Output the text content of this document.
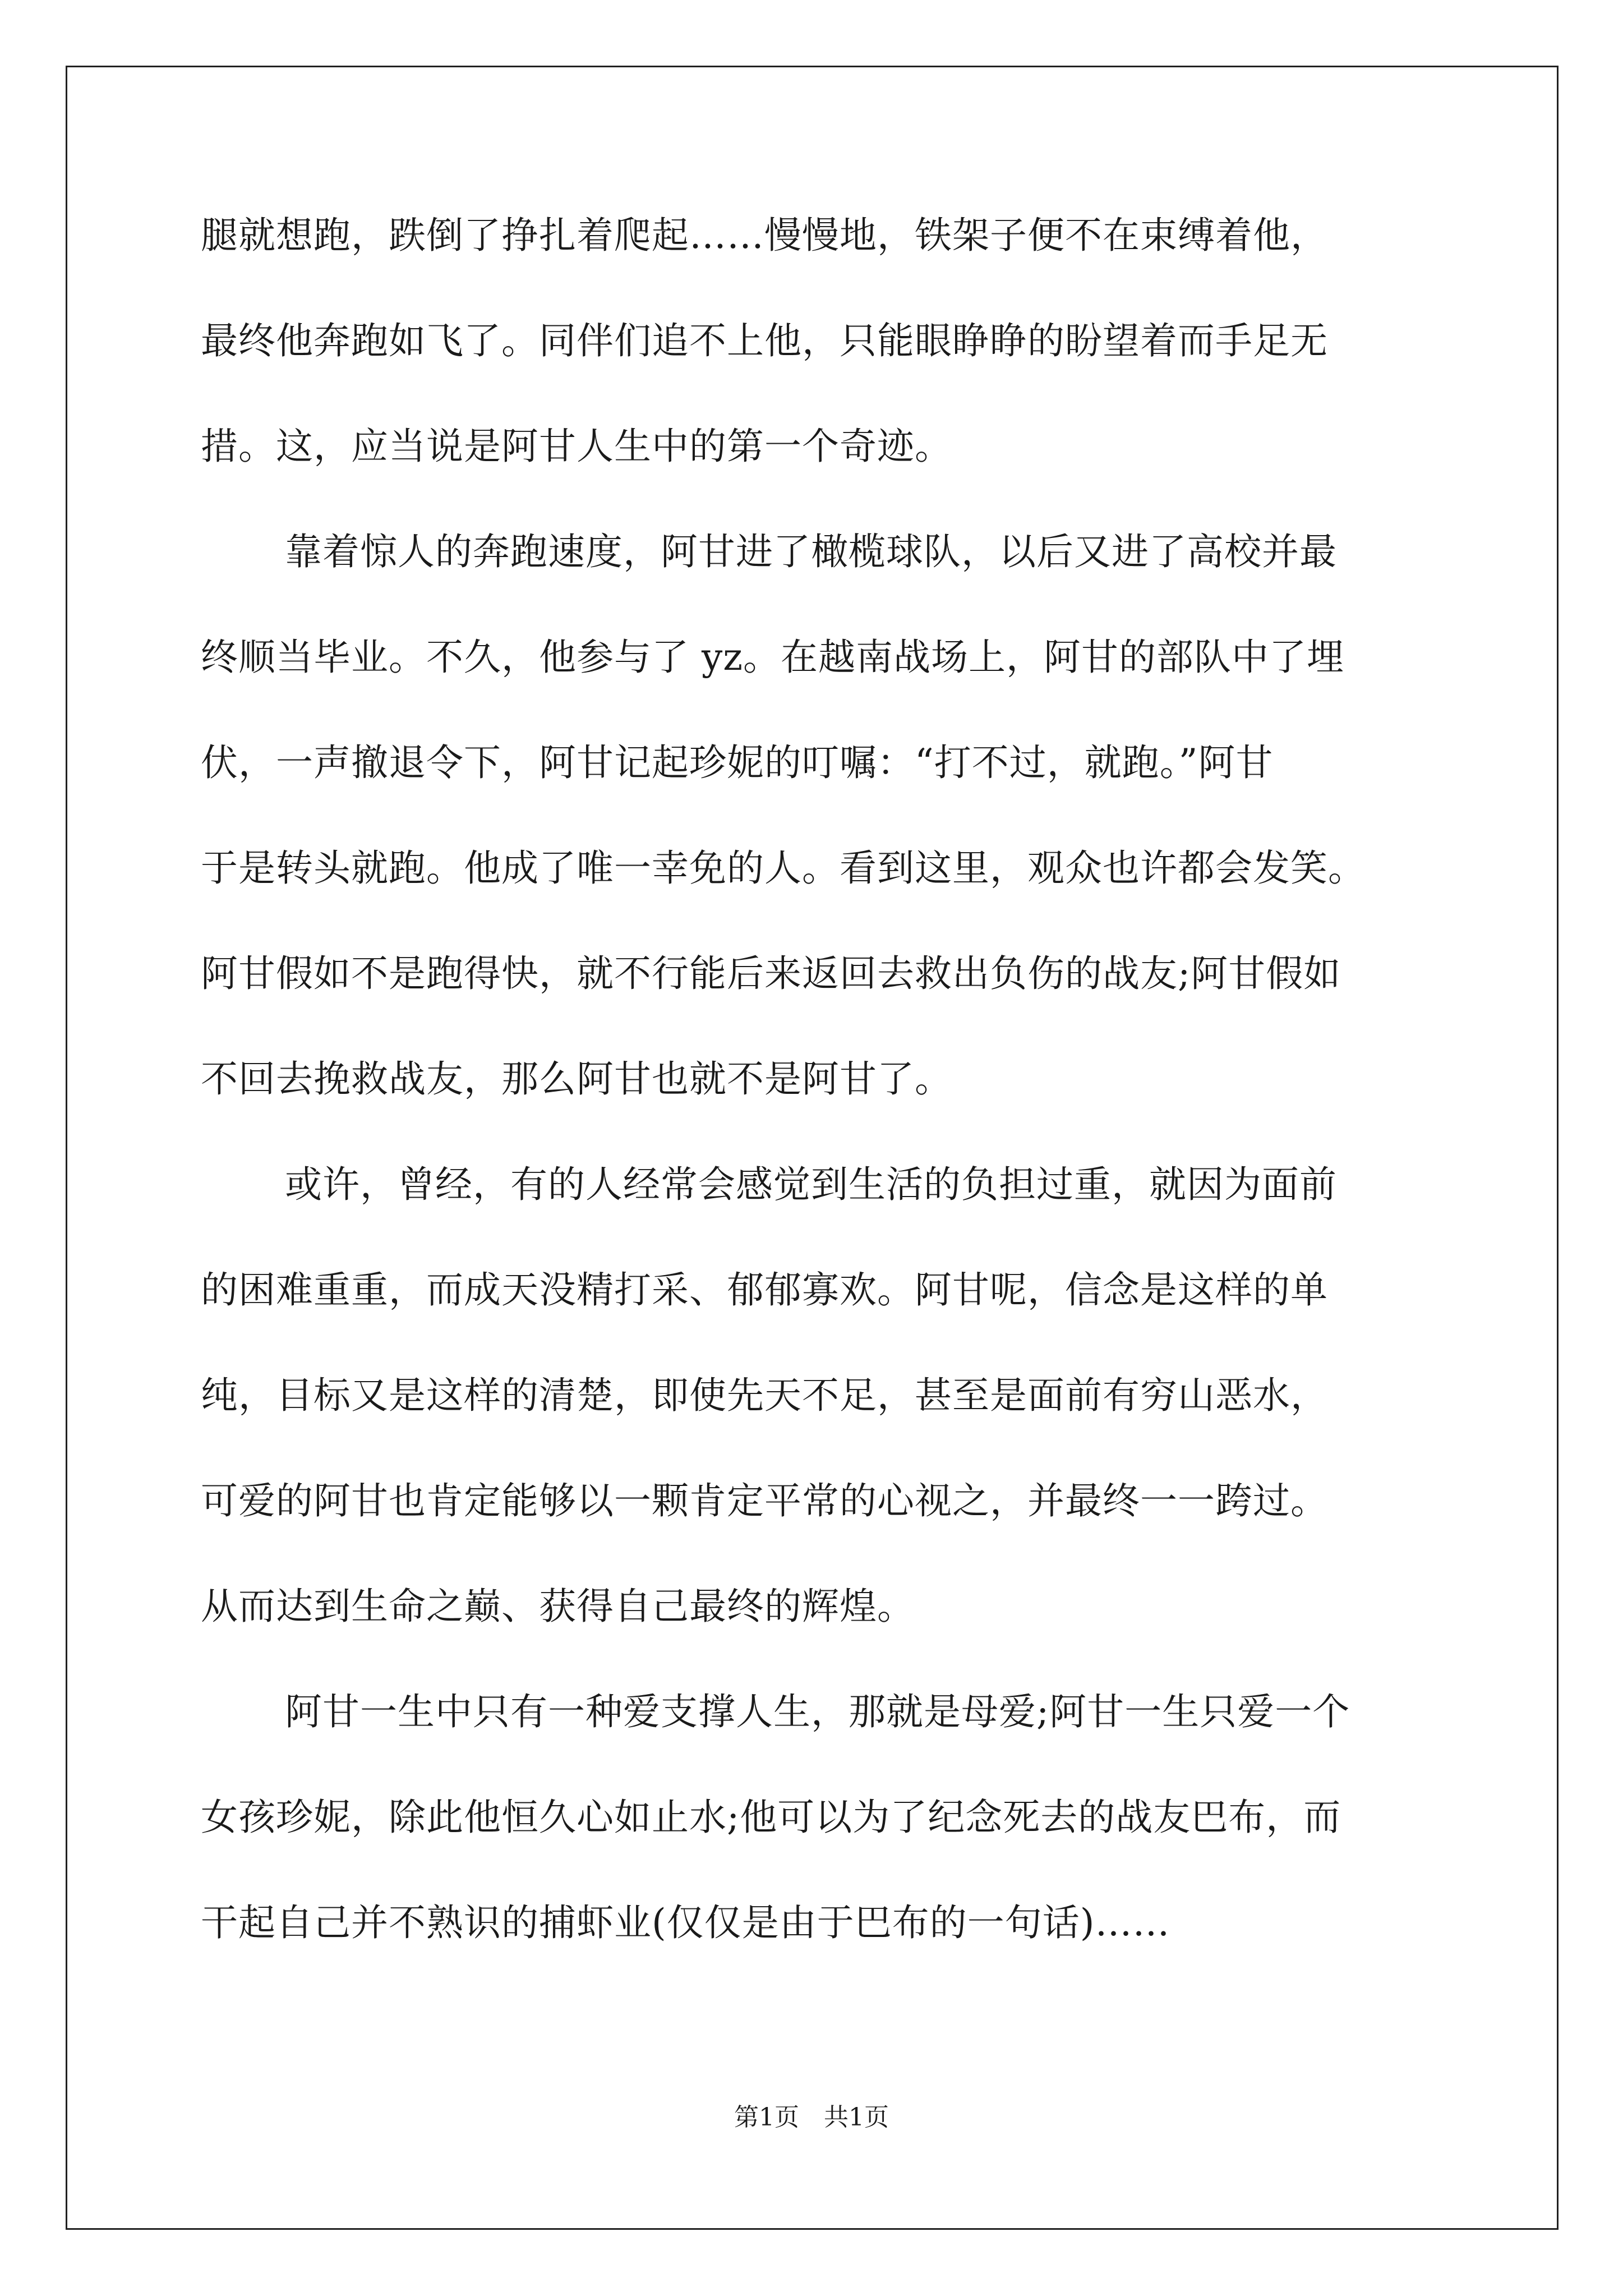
腿就想跑，跌倒了挣扎着爬起……慢慢地，铁架子便不在束缚着他，
最终他奔跑如飞了。同伴们追不上他，只能眼睁睁的盼望着而手足无
措。这，应当说是阿甘人生中的第一个奇迹。
靠着惊人的奔跑速度，阿甘进了橄榄球队，以后又进了高校并最
终顺当毕业。不久，他参与了 yz。在越南战场上，阿甘的部队中了埋
伏，一声撤退令下，阿甘记起珍妮的叮嘱：“打不过，就跑。”阿甘
于是转头就跑。他成了唯一幸免的人。看到这里，观众也许都会发笑。
阿甘假如不是跑得快，就不行能后来返回去救出负伤的战友;阿甘假如
不回去挽救战友，那么阿甘也就不是阿甘了。
或许，曾经，有的人经常会感觉到生活的负担过重，就因为面前
的困难重重，而成天没精打采、郁郁寡欢。阿甘呢，信念是这样的单
纯，目标又是这样的清楚，即使先天不足，甚至是面前有穷山恶水，
可爱的阿甘也肯定能够以一颗肯定平常的心视之，并最终一一跨过。
从而达到生命之巅、获得自己最终的辉煌。
阿甘一生中只有一种爱支撑人生，那就是母爱;阿甘一生只爱一个
女孩珍妮，除此他恒久心如止水;他可以为了纪念死去的战友巴布，而
干起自己并不熟识的捕虾业(仅仅是由于巴布的一句话)……
第1页 共1页
